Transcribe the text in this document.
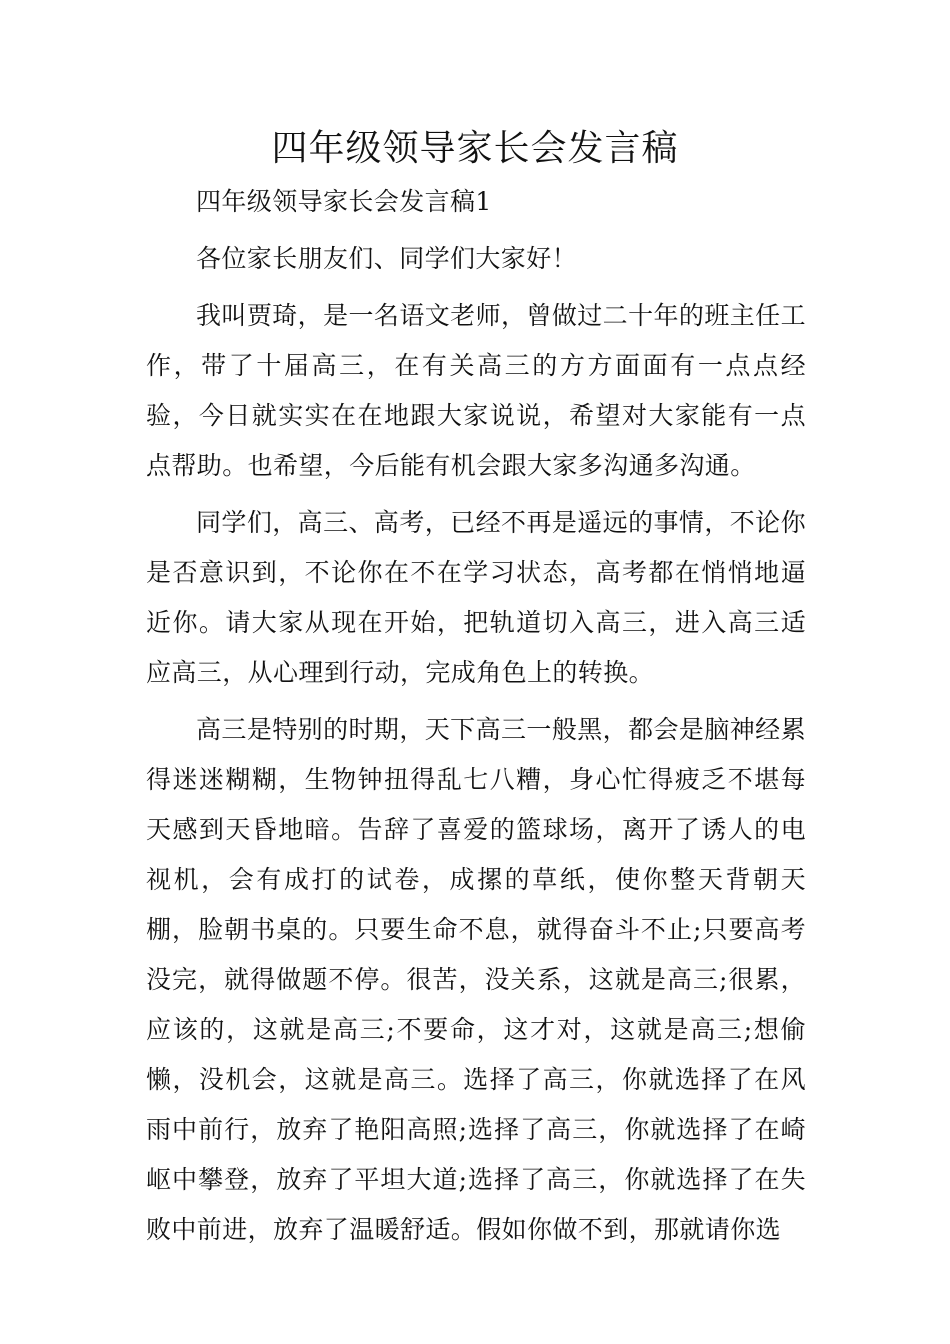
四年级领导家长会发言稿

四年级领导家长会发言稿1

各位家长朋友们、同学们大家好！

我叫贾琦，是一名语文老师，曾做过二十年的班主任工作，带了十届高三，在有关高三的方方面面有一点点经验，今日就实实在在地跟大家说说，希望对大家能有一点点帮助。也希望，今后能有机会跟大家多沟通多沟通。

同学们，高三、高考，已经不再是遥远的事情，不论你是否意识到，不论你在不在学习状态，高考都在悄悄地逼近你。请大家从现在开始，把轨道切入高三，进入高三适应高三，从心理到行动，完成角色上的转换。

高三是特别的时期，天下高三一般黑，都会是脑神经累得迷迷糊糊，生物钟扭得乱七八糟，身心忙得疲乏不堪每天感到天昏地暗。告辞了喜爱的篮球场，离开了诱人的电视机，会有成打的试卷，成摞的草纸，使你整天背朝天棚，脸朝书桌的。只要生命不息，就得奋斗不止;只要高考没完，就得做题不停。很苦，没关系，这就是高三;很累，应该的，这就是高三;不要命，这才对，这就是高三;想偷懒，没机会，这就是高三。选择了高三，你就选择了在风雨中前行，放弃了艳阳高照;选择了高三，你就选择了在崎岖中攀登，放弃了平坦大道;选择了高三，你就选择了在失败中前进，放弃了温暖舒适。假如你做不到，那就请你选
